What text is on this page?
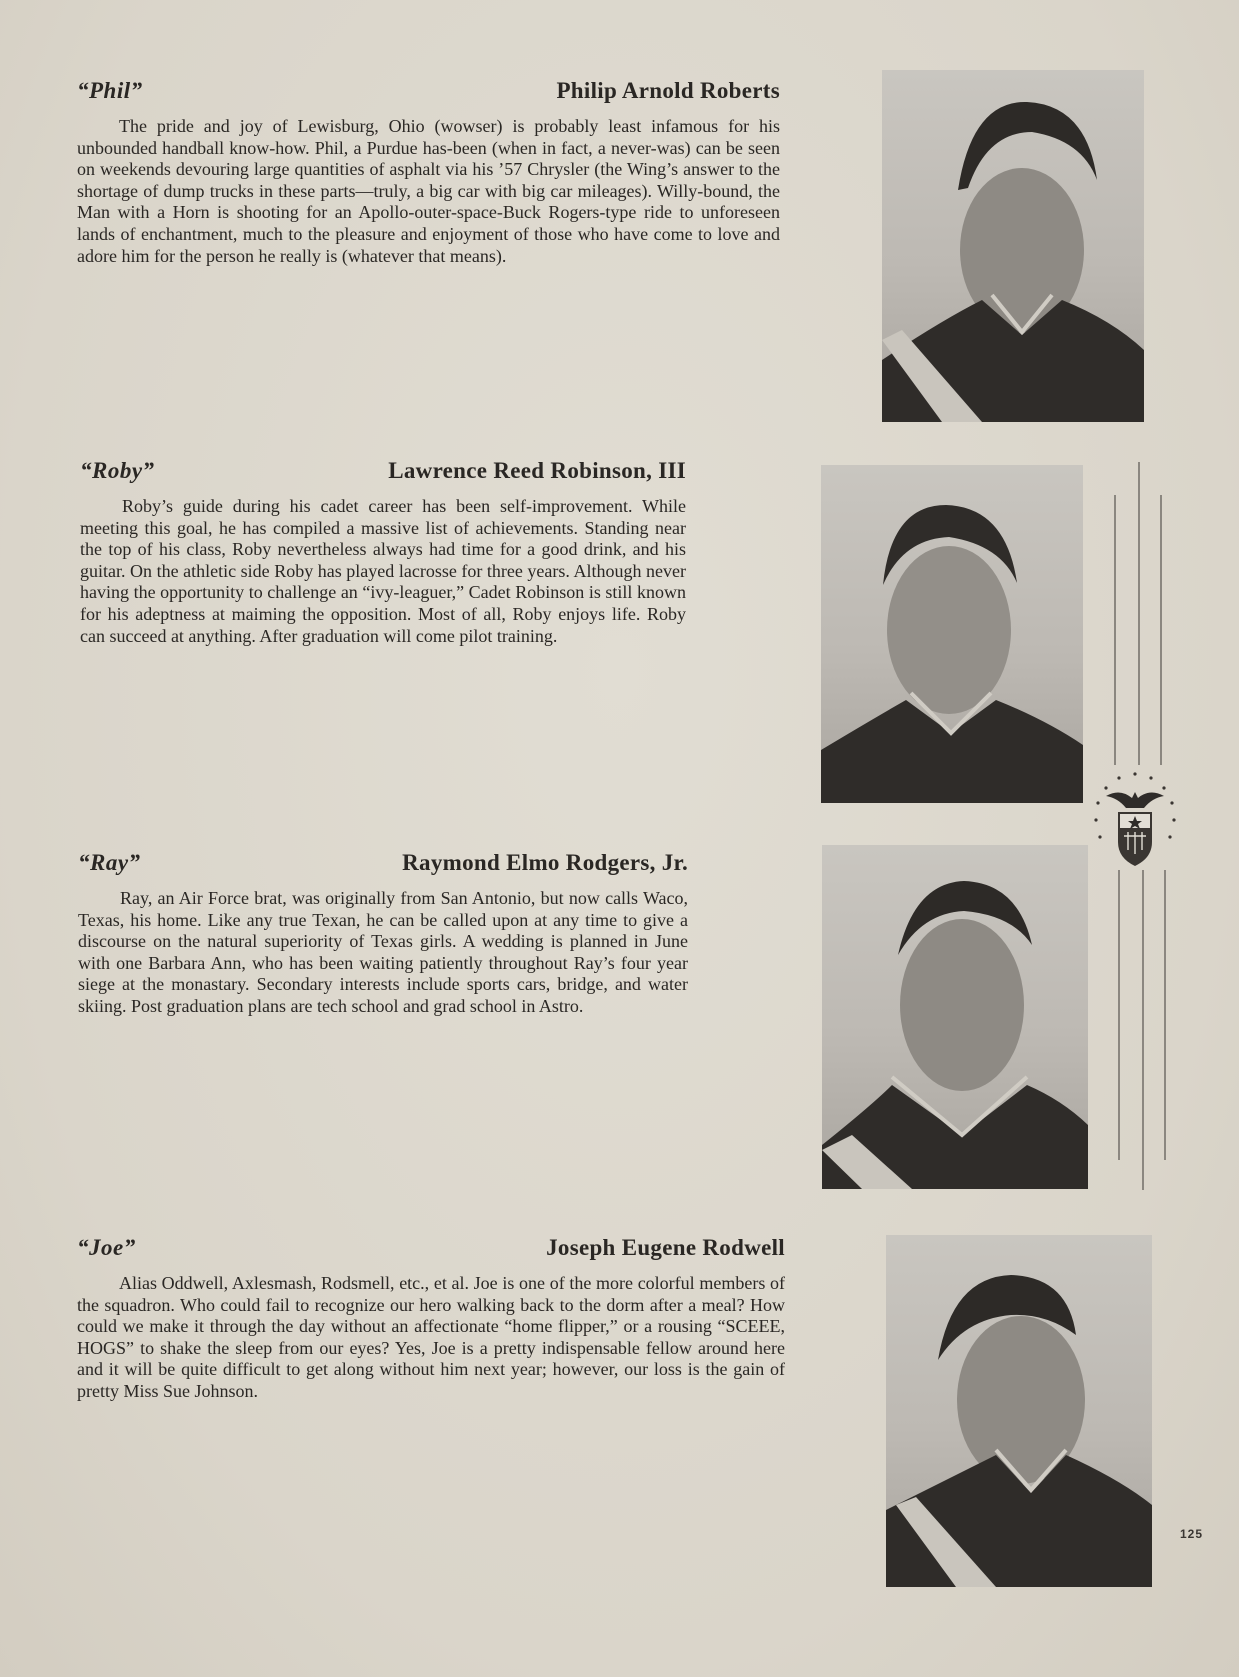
“Phil”	Philip Arnold Roberts

The pride and joy of Lewisburg, Ohio (wowser) is probably least infamous for his unbounded handball know-how. Phil, a Purdue has-been (when in fact, a never-was) can be seen on weekends devouring large quantities of asphalt via his ’57 Chrysler (the Wing’s answer to the shortage of dump trucks in these parts—truly, a big car with big car mileages). Willy-bound, the Man with a Horn is shooting for an Apollo-outer-space-Buck Rogers-type ride to unforeseen lands of enchantment, much to the pleasure and enjoyment of those who have come to love and adore him for the person he really is (whatever that means).

“Roby”	Lawrence Reed Robinson, III

Roby’s guide during his cadet career has been self-improvement. While meeting this goal, he has compiled a massive list of achievements. Standing near the top of his class, Roby nevertheless always had time for a good drink, and his guitar. On the athletic side Roby has played lacrosse for three years. Although never having the opportunity to challenge an “ivy-leaguer,” Cadet Robinson is still known for his adeptness at maiming the opposition. Most of all, Roby enjoys life. Roby can succeed at anything. After graduation will come pilot training.

“Ray”	Raymond Elmo Rodgers, Jr.

Ray, an Air Force brat, was originally from San Antonio, but now calls Waco, Texas, his home. Like any true Texan, he can be called upon at any time to give a discourse on the natural superiority of Texas girls. A wedding is planned in June with one Barbara Ann, who has been waiting patiently throughout Ray’s four year siege at the monastary. Secondary interests include sports cars, bridge, and water skiing. Post graduation plans are tech school and grad school in Astro.

“Joe”	Joseph Eugene Rodwell

Alias Oddwell, Axlesmash, Rodsmell, etc., et al. Joe is one of the more colorful members of the squadron. Who could fail to recognize our hero walking back to the dorm after a meal? How could we make it through the day without an affectionate “home flipper,” or a rousing “SCEEE, HOGS” to shake the sleep from our eyes? Yes, Joe is a pretty indispensable fellow around here and it will be quite difficult to get along without him next year; however, our loss is the gain of pretty Miss Sue Johnson.

125
